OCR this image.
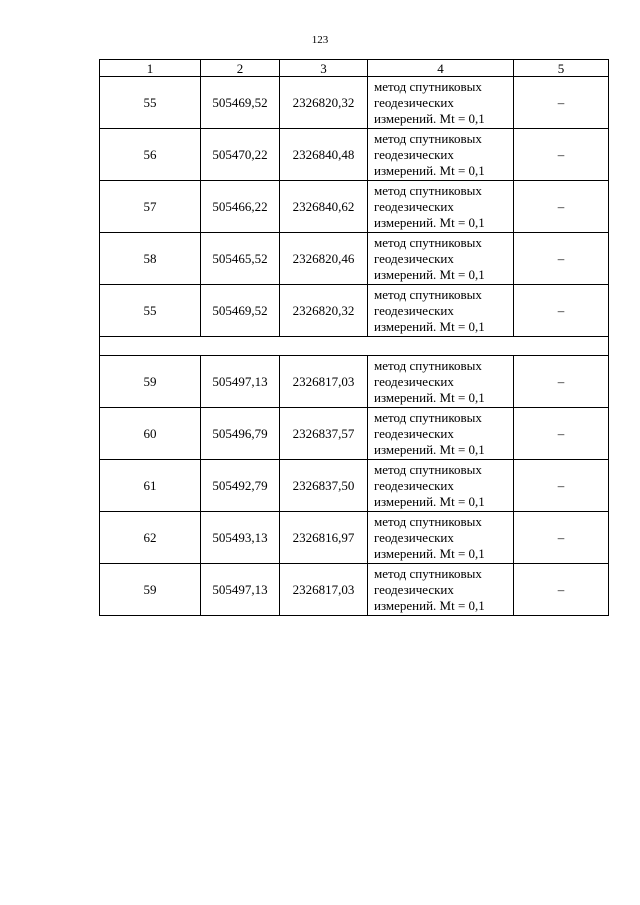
123
1	2	3	4	5
55	505469,52	2326820,32	метод спутниковых
геодезических
измерений. Mt = 0,1	–
56	505470,22	2326840,48	метод спутниковых
геодезических
измерений. Mt = 0,1	–
57	505466,22	2326840,62	метод спутниковых
геодезических
измерений. Mt = 0,1	–
58	505465,52	2326820,46	метод спутниковых
геодезических
измерений. Mt = 0,1	–
55	505469,52	2326820,32	метод спутниковых
геодезических
измерений. Mt = 0,1	–

59	505497,13	2326817,03	метод спутниковых
геодезических
измерений. Mt = 0,1	–
60	505496,79	2326837,57	метод спутниковых
геодезических
измерений. Mt = 0,1	–
61	505492,79	2326837,50	метод спутниковых
геодезических
измерений. Mt = 0,1	–
62	505493,13	2326816,97	метод спутниковых
геодезических
измерений. Mt = 0,1	–
59	505497,13	2326817,03	метод спутниковых
геодезических
измерений. Mt = 0,1	–
